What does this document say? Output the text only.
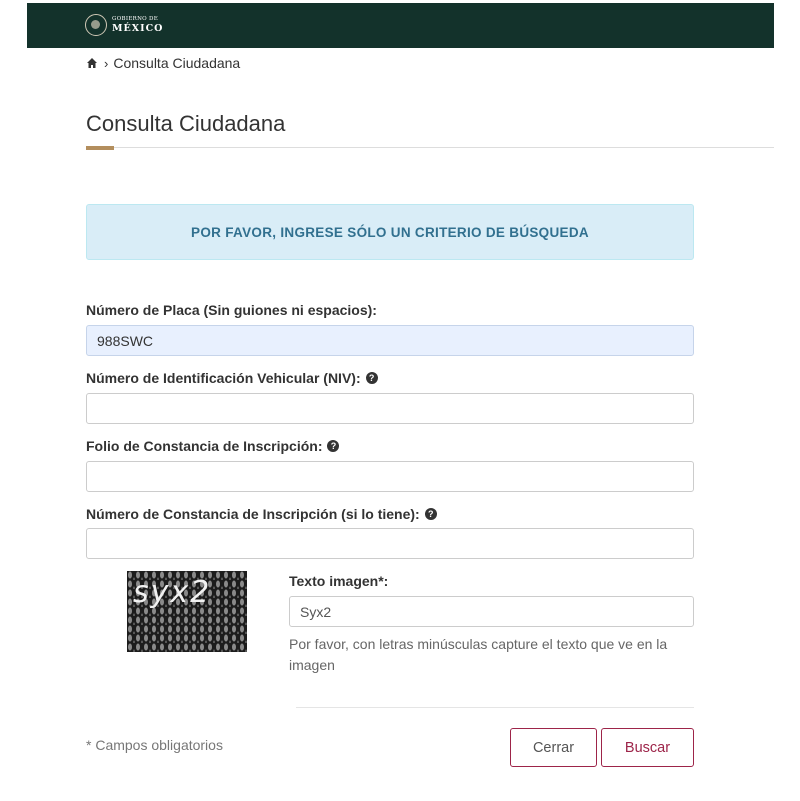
GOBIERNO DE
MÉXICO
› Consulta Ciudadana
Consulta Ciudadana
POR FAVOR, INGRESE SÓLO UN CRITERIO DE BÚSQUEDA
Número de Placa (Sin guiones ni espacios):
988SWC
Número de Identificación Vehicular (NIV): ?
Folio de Constancia de Inscripción: ?
Número de Constancia de Inscripción (si lo tiene): ?
syx2	Texto imagen*:
Syx2
Por favor, con letras minúsculas capture el texto que ve en la imagen
* Campos obligatorios	Cerrar	Buscar
